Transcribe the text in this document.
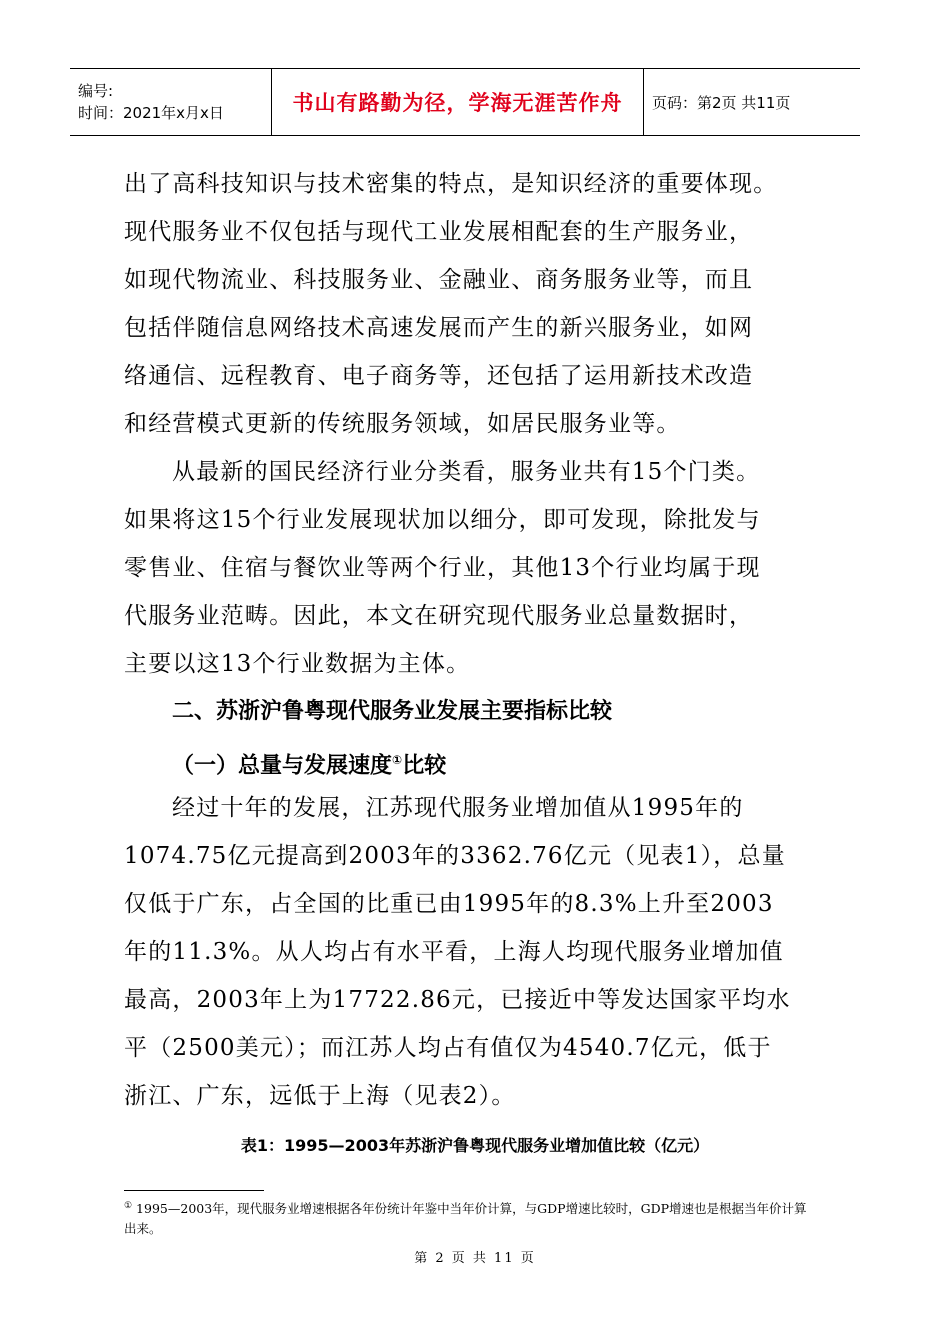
编号:
时间：2021年x月x日	书山有路勤为径，学海无涯苦作舟	页码：第2页 共11页
出了高科技知识与技术密集的特点，是知识经济的重要体现。
现代服务业不仅包括与现代工业发展相配套的生产服务业，
如现代物流业、科技服务业、金融业、商务服务业等，而且
包括伴随信息网络技术高速发展而产生的新兴服务业，如网
络通信、远程教育、电子商务等，还包括了运用新技术改造
和经营模式更新的传统服务领域，如居民服务业等。
从最新的国民经济行业分类看，服务业共有15个门类。
如果将这15个行业发展现状加以细分，即可发现，除批发与
零售业、住宿与餐饮业等两个行业，其他13个行业均属于现
代服务业范畴。因此，本文在研究现代服务业总量数据时，
主要以这13个行业数据为主体。
二、苏浙沪鲁粤现代服务业发展主要指标比较
（一）总量与发展速度①比较
经过十年的发展，江苏现代服务业增加值从1995年的
1074.75亿元提高到2003年的3362.76亿元（见表1），总量
仅低于广东，占全国的比重已由1995年的8.3%上升至2003
年的11.3%。从人均占有水平看，上海人均现代服务业增加值
最高，2003年上为17722.86元，已接近中等发达国家平均水
平（2500美元）；而江苏人均占有值仅为4540.7亿元，低于
浙江、广东，远低于上海（见表2）。
表1：1995—2003年苏浙沪鲁粤现代服务业增加值比较（亿元）
① 1995—2003年，现代服务业增速根据各年份统计年鉴中当年价计算，与GDP增速比较时，GDP增速也是根据当年价计算出来。
第 2 页 共 11 页
